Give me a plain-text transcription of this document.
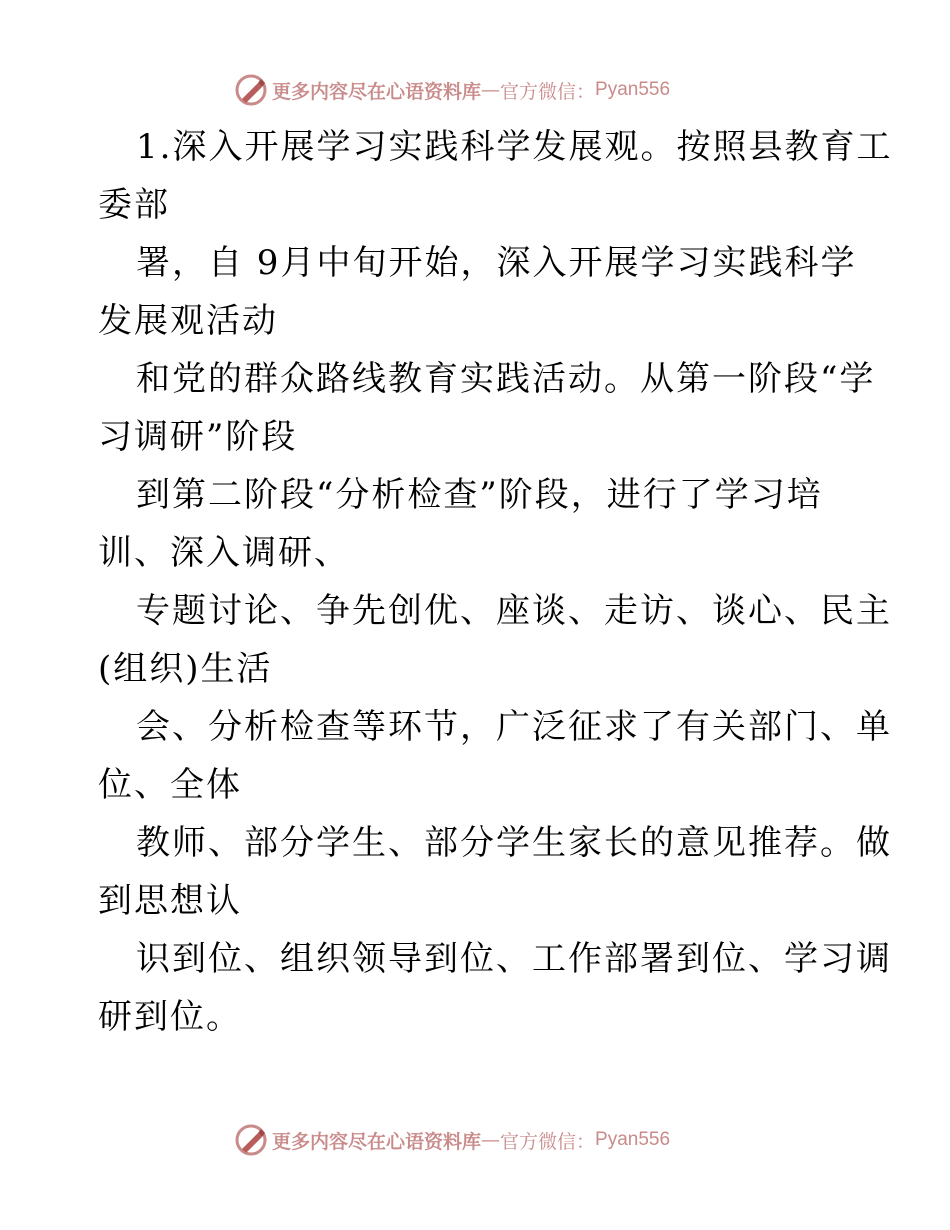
更多内容尽在心语资料库 — 官方微信： Pyan556

1.深入开展学习实践科学发展观。按照县教育工
委部

署，自 9月中旬开始，深入开展学习实践科学
发展观活动

和党的群众路线教育实践活动。从第一阶段“学
习调研”阶段

到第二阶段“分析检查”阶段，进行了学习培
训、深入调研、

专题讨论、争先创优、座谈、走访、谈心、民主
(组织)生活

会、分析检查等环节，广泛征求了有关部门、单
位、全体

教师、部分学生、部分学生家长的意见推荐。做
到思想认

识到位、组织领导到位、工作部署到位、学习调
研到位。

更多内容尽在心语资料库 — 官方微信： Pyan556
